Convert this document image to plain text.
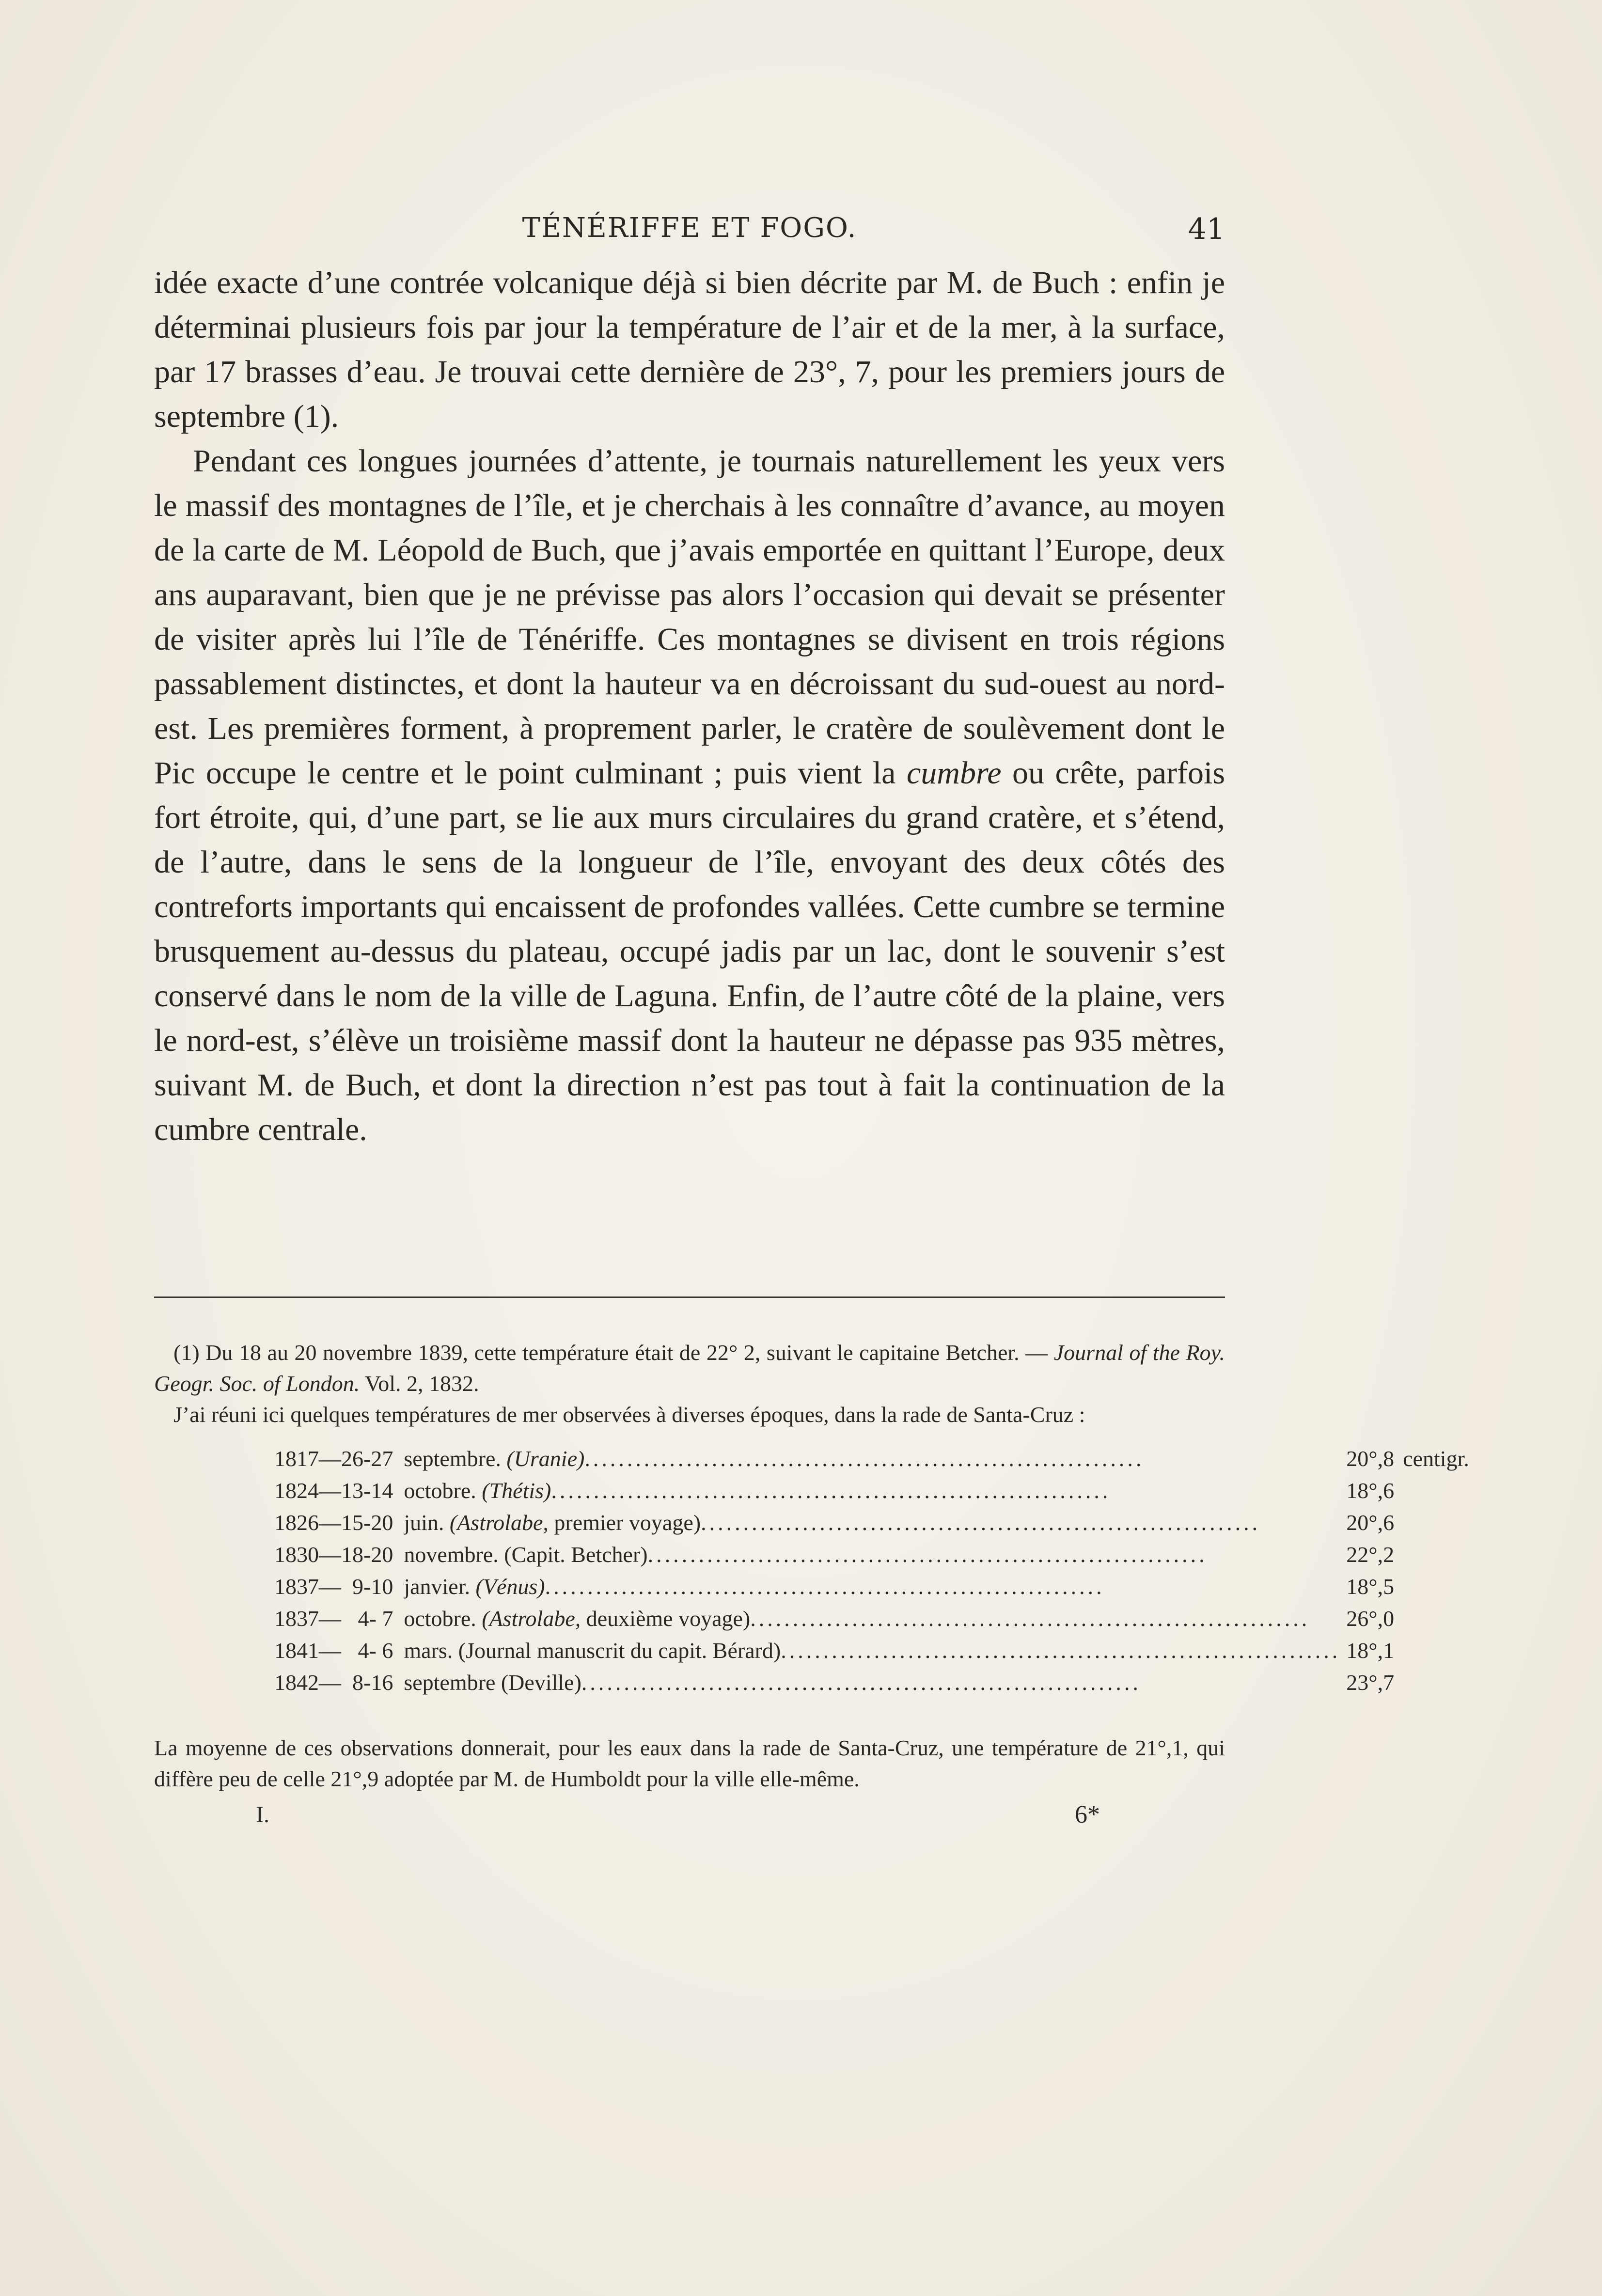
TÉNÉRIFFE ET FOGO.	41

idée exacte d’une contrée volcanique déjà si bien décrite par M. de Buch : enfin je déterminai plusieurs fois par jour la température de l’air et de la mer, à la surface, par 17 brasses d’eau. Je trouvai cette dernière de 23°, 7, pour les premiers jours de septembre (1).

Pendant ces longues journées d’attente, je tournais naturellement les yeux vers le massif des montagnes de l’île, et je cherchais à les connaître d’avance, au moyen de la carte de M. Léopold de Buch, que j’avais emportée en quittant l’Europe, deux ans auparavant, bien que je ne prévisse pas alors l’occasion qui devait se présenter de visiter après lui l’île de Ténériffe. Ces montagnes se divisent en trois régions passablement distinctes, et dont la hauteur va en décroissant du sud-ouest au nord-est. Les premières forment, à proprement parler, le cratère de soulèvement dont le Pic occupe le centre et le point culminant ; puis vient la cumbre ou crête, parfois fort étroite, qui, d’une part, se lie aux murs circulaires du grand cratère, et s’étend, de l’autre, dans le sens de la longueur de l’île, envoyant des deux côtés des contreforts importants qui encaissent de profondes vallées. Cette cumbre se termine brusquement au-dessus du plateau, occupé jadis par un lac, dont le souvenir s’est conservé dans le nom de la ville de Laguna. Enfin, de l’autre côté de la plaine, vers le nord-est, s’élève un troisième massif dont la hauteur ne dépasse pas 935 mètres, suivant M. de Buch, et dont la direction n’est pas tout à fait la continuation de la cumbre centrale.

(1) Du 18 au 20 novembre 1839, cette température était de 22° 2, suivant le capitaine Betcher. — Journal of the Roy. Geogr. Soc. of London. Vol. 2, 1832.
J’ai réuni ici quelques températures de mer observées à diverses époques, dans la rade de Santa-Cruz :
1817	—	26-27	septembre. (Uranie)..................................................................	20°,8	centigr.
1824	—	13-14	octobre. (Thétis)..................................................................	18°,6	
1826	—	15-20	juin. (Astrolabe, premier voyage)..................................................................	20°,6	
1830	—	18-20	novembre. (Capit. Betcher)..................................................................	22°,2	
1837	—	9-10	janvier. (Vénus)..................................................................	18°,5	
1837	—	4- 7	octobre. (Astrolabe, deuxième voyage)..................................................................	26°,0	
1841	—	4- 6	mars. (Journal manuscrit du capit. Bérard)..................................................................	18°,1	
1842	—	8-16	septembre (Deville)..................................................................	23°,7	
La moyenne de ces observations donnerait, pour les eaux dans la rade de Santa-Cruz, une température de 21°,1, qui diffère peu de celle 21°,9 adoptée par M. de Humboldt pour la ville elle-même.
I.	6*
